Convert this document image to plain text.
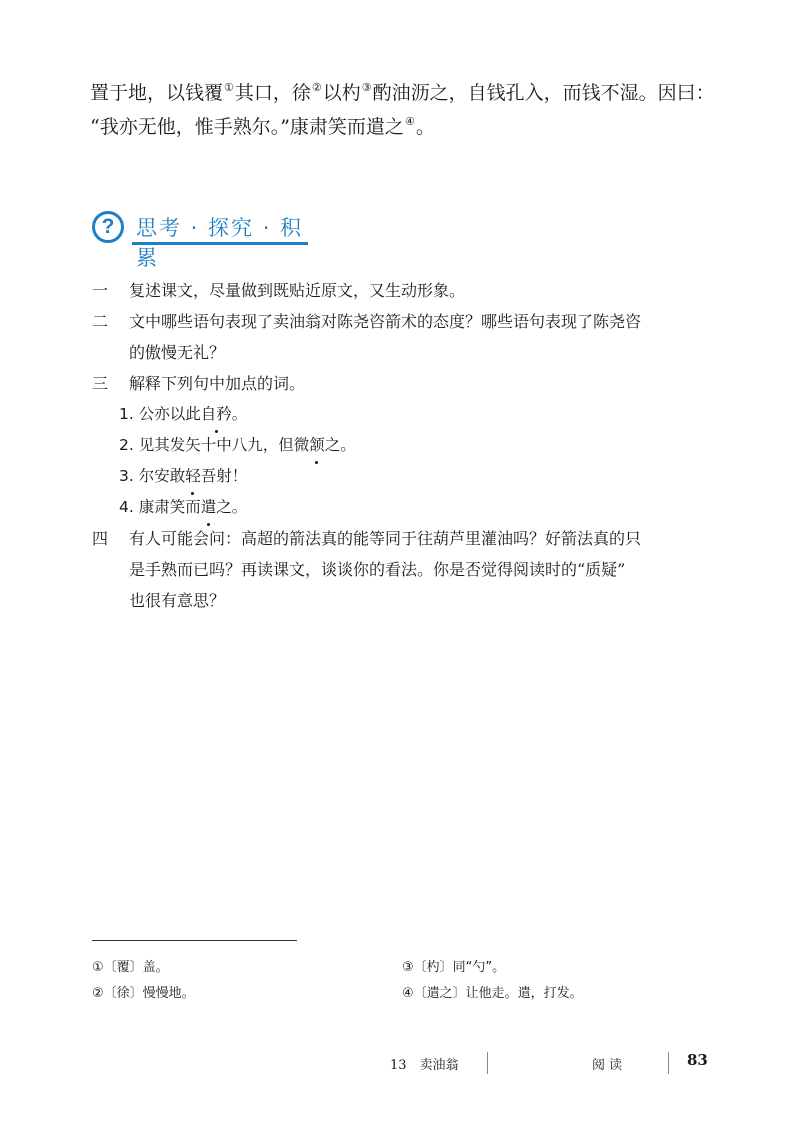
置于地，以钱覆①其口，徐②以杓③酌油沥之，自钱孔入，而钱不湿。因曰：

“我亦无他，惟手熟尔。”康肃笑而遣之④。

?	思考 · 探究 · 积累
一 复述课文，尽量做到既贴近原文，又生动形象。
二 文中哪些语句表现了卖油翁对陈尧咨箭术的态度？哪些语句表现了陈尧咨
的傲慢无礼？
三 解释下列句中加点的词。
1. 公亦以此自矜。
2. 见其发矢十中八九，但微颔之。
3. 尔安敢轻吾射！
4. 康肃笑而遣之。
四 有人可能会问：高超的箭法真的能等同于往葫芦里灌油吗？好箭法真的只
是手熟而已吗？再读课文，谈谈你的看法。你是否觉得阅读时的“质疑”
也很有意思？
①〔覆〕盖。	③〔杓〕同“勺”。
②〔徐〕慢慢地。	④〔遣之〕让他走。遣，打发。
13　卖油翁	阅读	83
